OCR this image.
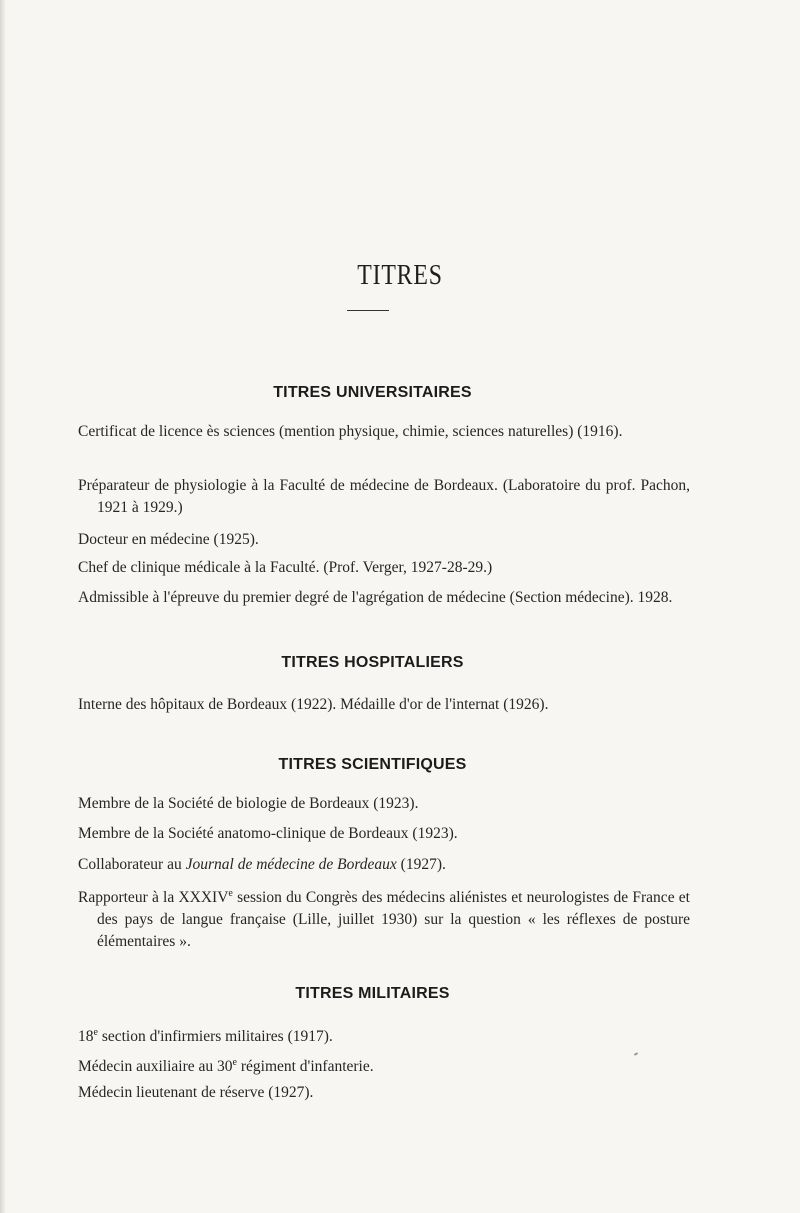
TITRES
TITRES UNIVERSITAIRES

Certificat de licence ès sciences (mention physique, chimie, sciences naturelles) (1916).

Préparateur de physiologie à la Faculté de médecine de Bordeaux. (Laboratoire du prof. Pachon, 1921 à 1929.)

Docteur en médecine (1925).

Chef de clinique médicale à la Faculté. (Prof. Verger, 1927-28-29.)

Admissible à l'épreuve du premier degré de l'agrégation de médecine (Section médecine). 1928.

TITRES HOSPITALIERS

Interne des hôpitaux de Bordeaux (1922). Médaille d'or de l'internat (1926).

TITRES SCIENTIFIQUES

Membre de la Société de biologie de Bordeaux (1923).

Membre de la Société anatomo-clinique de Bordeaux (1923).

Collaborateur au Journal de médecine de Bordeaux (1927).

Rapporteur à la XXXIVe session du Congrès des médecins aliénistes et neurologistes de France et des pays de langue française (Lille, juillet 1930) sur la question « les réflexes de posture élémentaires ».

TITRES MILITAIRES

18e section d'infirmiers militaires (1917).

Médecin auxiliaire au 30e régiment d'infanterie.

Médecin lieutenant de réserve (1927).
